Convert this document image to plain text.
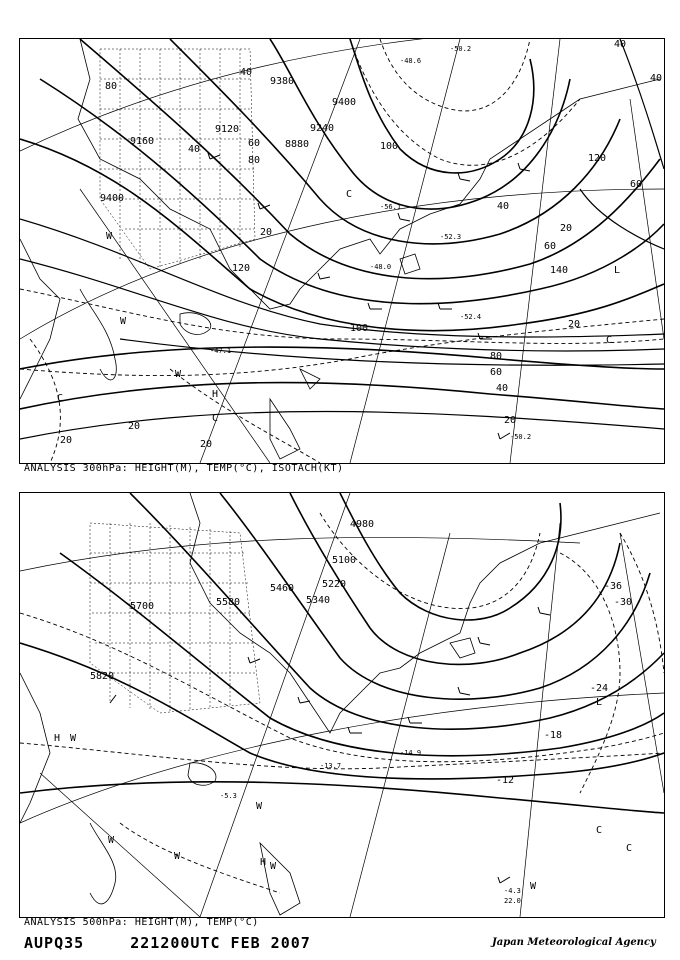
9400
9160
9120
9400
9240
8880
9380
120
100
80
60
40
20
20
20
20
40
80
60
40
40
20
140
120
100
80
60
40
20
20
40
60
-48.6
-50.2
-56.1
-52.3
-48.0
-52.4
-50.2
-47.1
W
W
W
H
C
C
C
C
L
ANALYSIS 300hPa: HEIGHT(M), TEMP(°C), ISOTACH(KT)
5700
5820
5580
5460
5340
5220
5100
4980
-24
-18
-12
-30
-36
-5.3
-14.9
-13.7
22.0
-4.3
H W
W
W
W
H W
C
C
L
W
ANALYSIS 500hPa: HEIGHT(M), TEMP(°C)
AUPQ35	221200UTC FEB 2007	Japan Meteorological Agency
